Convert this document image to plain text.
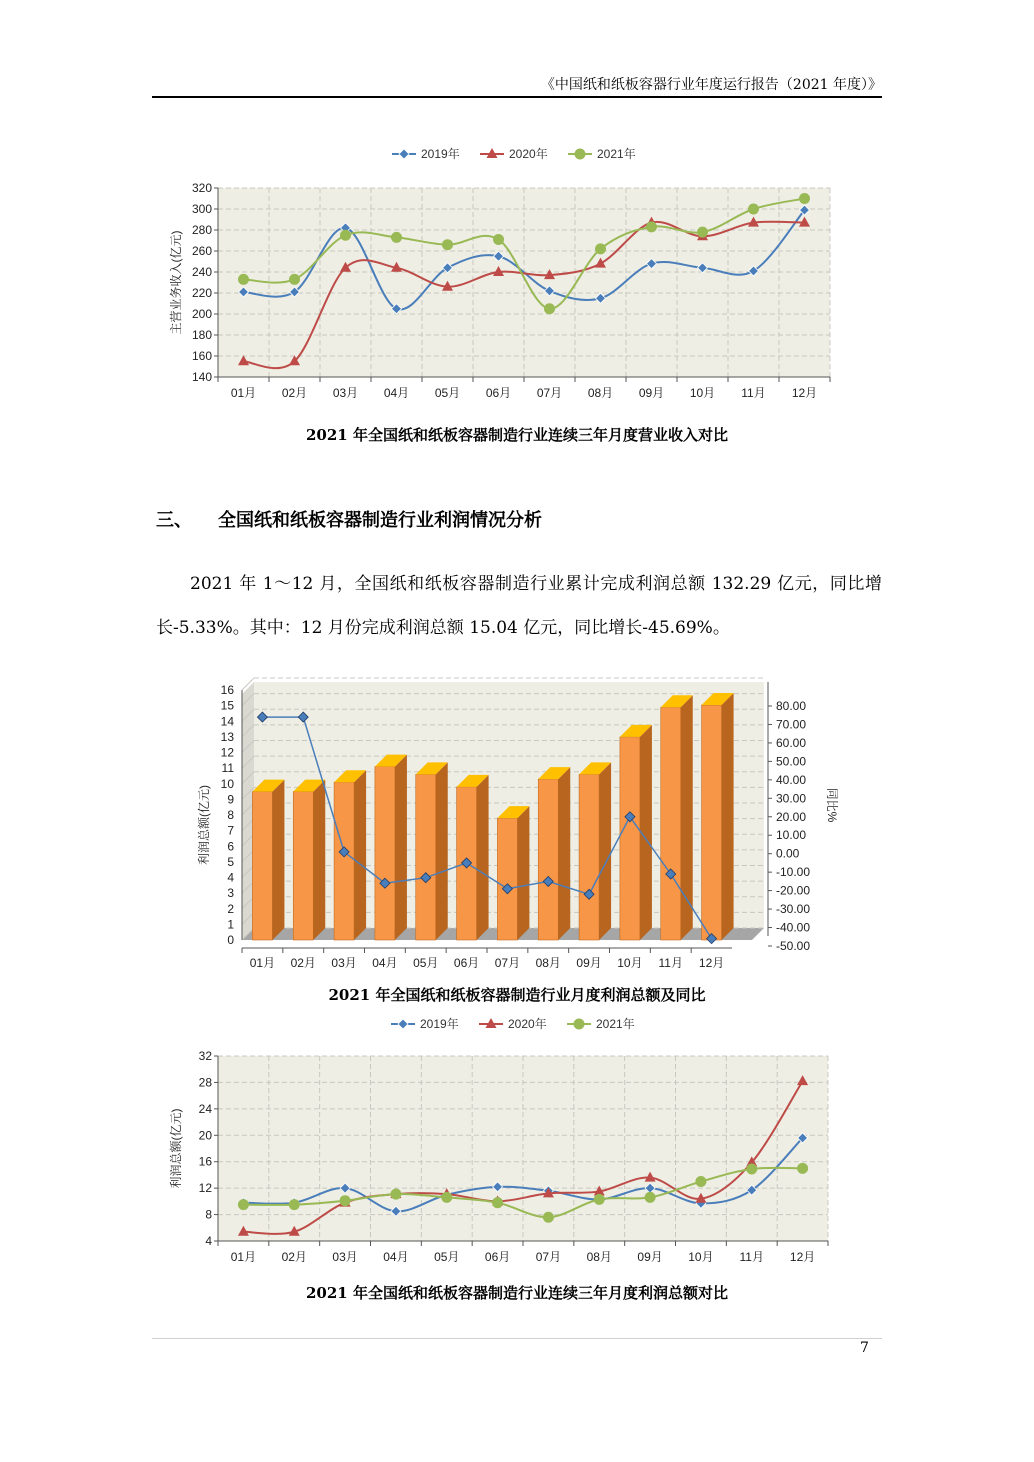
《中国纸和纸板容器行业年度运行报告（2021 年度）》
2019年	2020年	2021年
140
160
180
200
220
240
260
280
300
320
01月 02月 03月 04月 05月 06月 07月 08月 09月 10月 11月 12月
主营业务收入(亿元)
2021 年全国纸和纸板容器制造行业连续三年月度营业收入对比
三、 全国纸和纸板容器制造行业利润情况分析

2021 年 1～12 月，全国纸和纸板容器制造行业累计完成利润总额 132.29 亿元，同比增长-5.33%。其中：12 月份完成利润总额 15.04 亿元，同比增长-45.69%。

0
1
2
3
4
5
6
7
8
9
10
11
12
13
14
15
16
01月 02月 03月 04月 05月 06月 07月 08月 09月 10月 11月 12月
-50.00
-40.00
-30.00
-20.00
-10.00
0.00
10.00
20.00
30.00
40.00
50.00
60.00
70.00
80.00
同比%
利润总额(亿元)
2021 年全国纸和纸板容器制造行业月度利润总额及同比
2019年	2020年	2021年
4
8
12
16
20
24
28
32
01月 02月 03月 04月 05月 06月 07月 08月 09月 10月 11月 12月
利润总额(亿元)
2021 年全国纸和纸板容器制造行业连续三年月度利润总额对比
7
